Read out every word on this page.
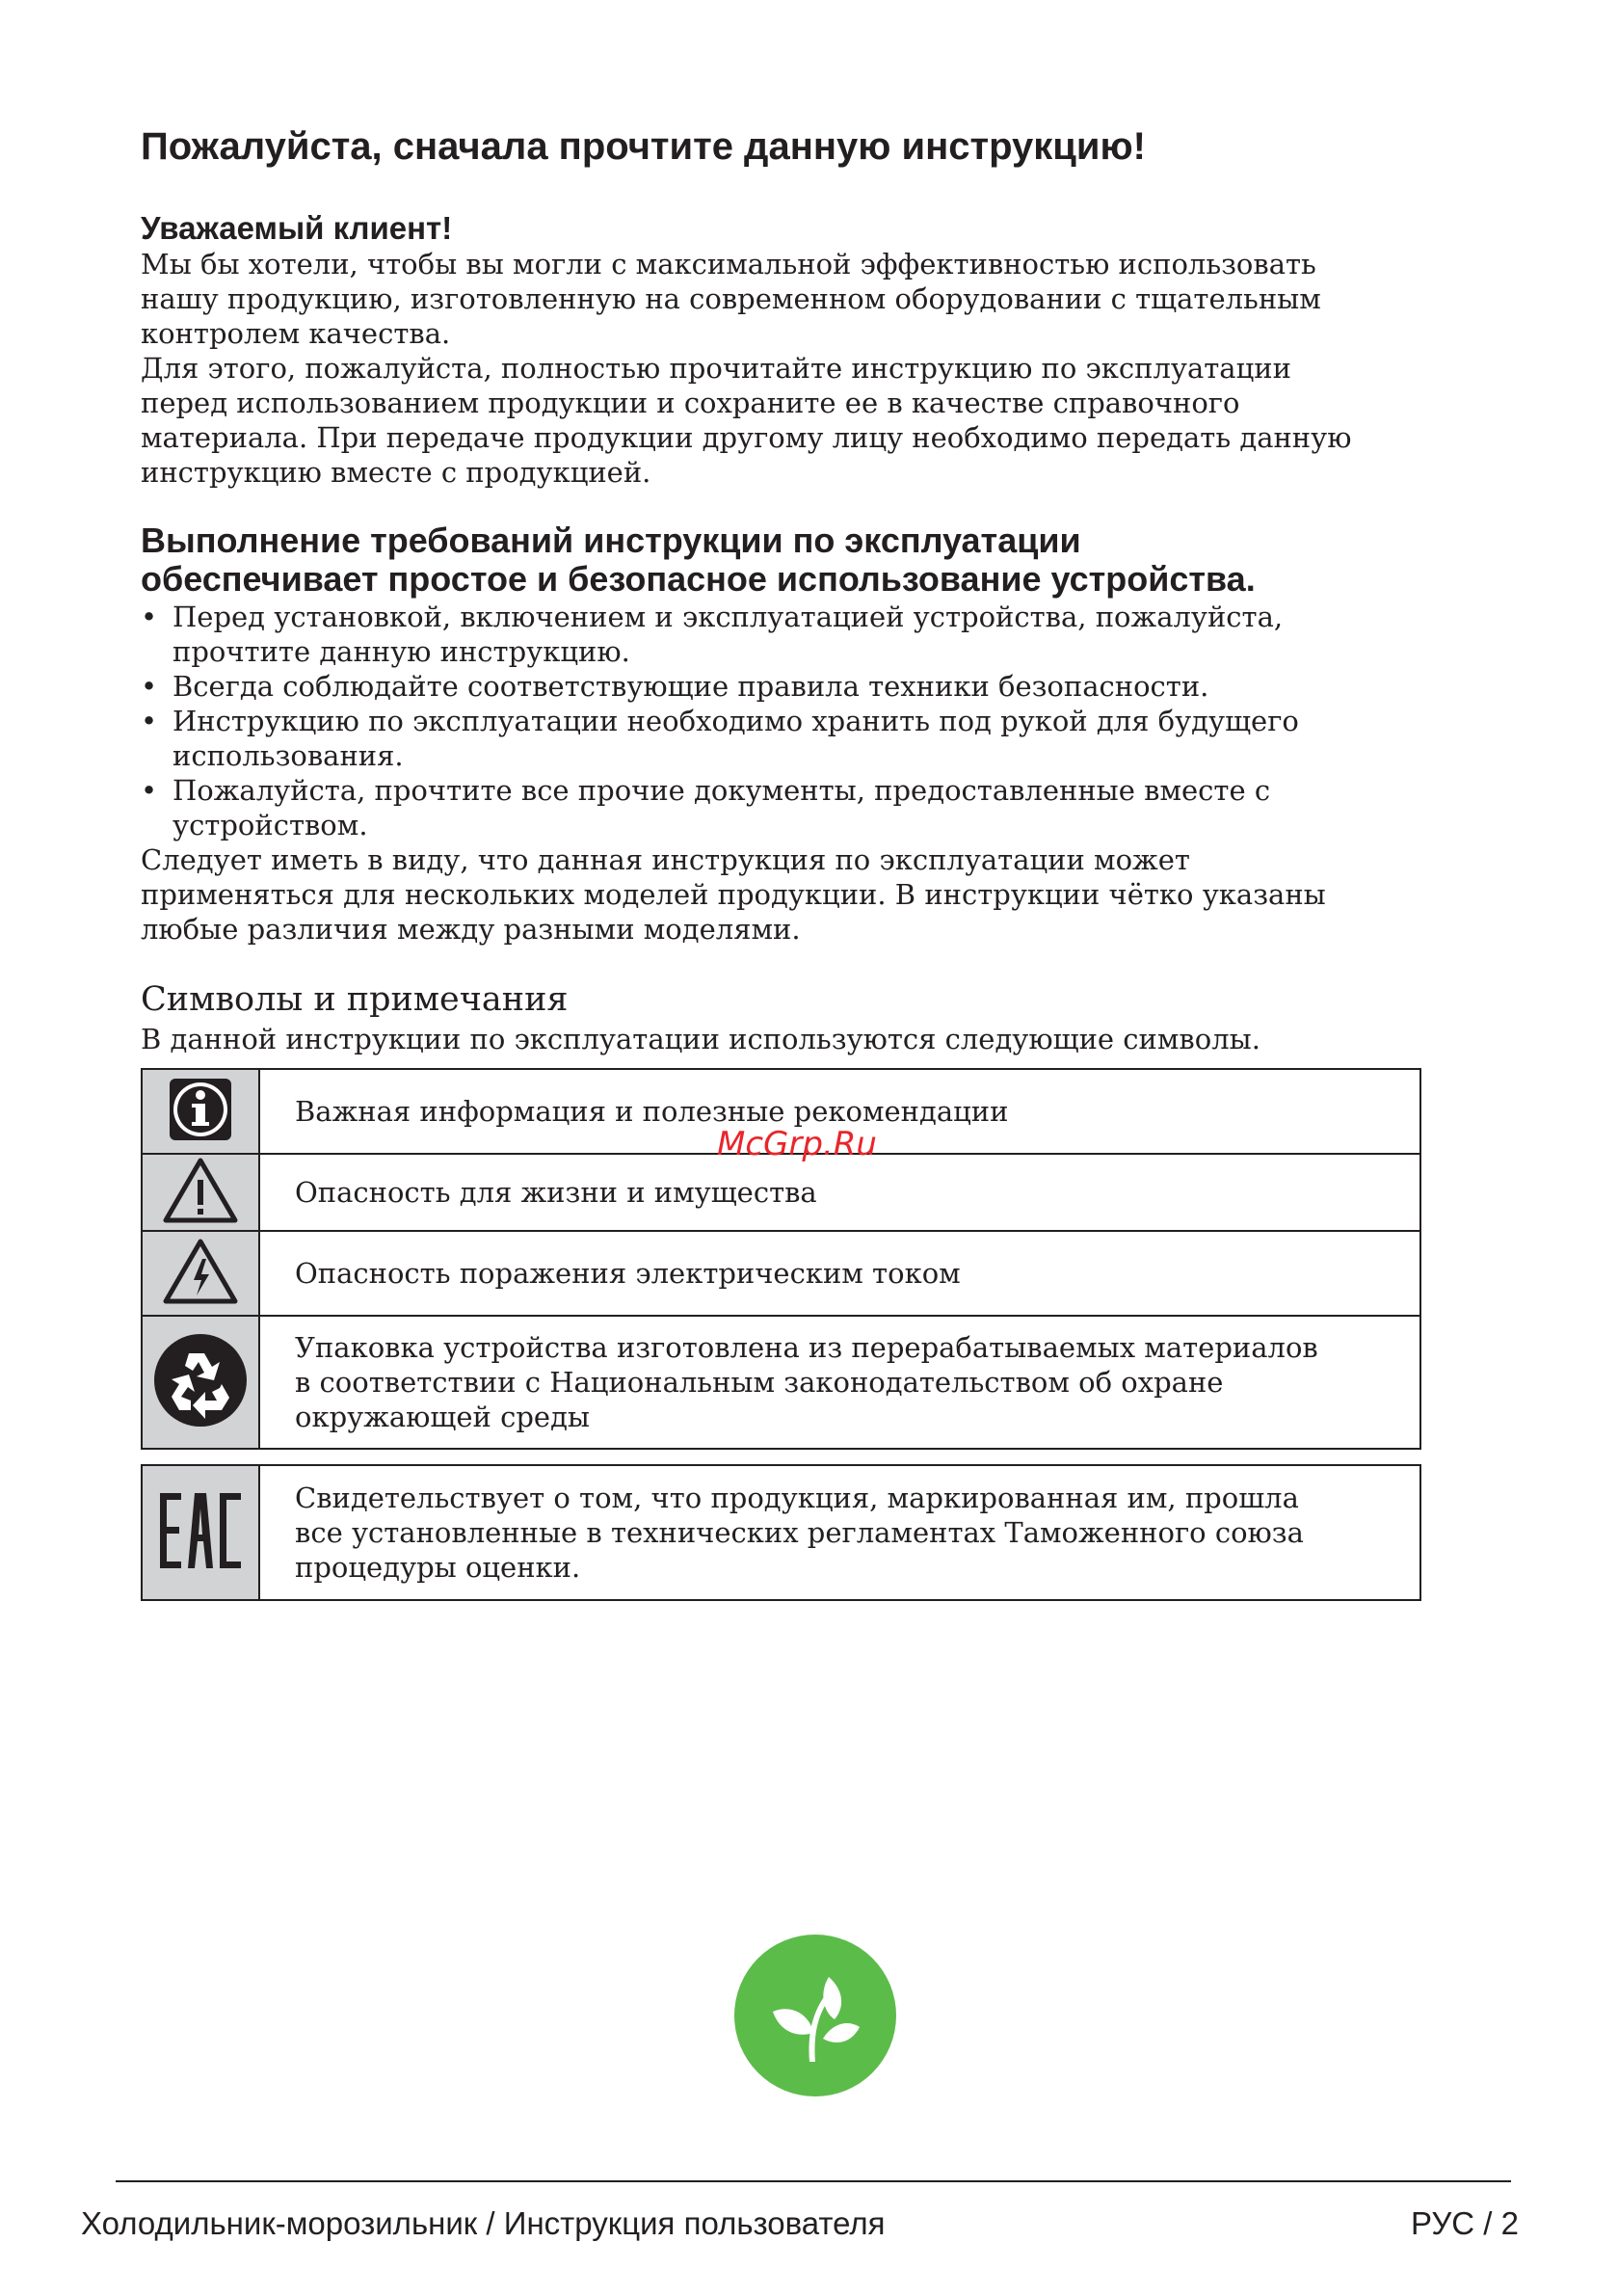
Пожалуйста, сначала прочтите данную инструкцию!
Уважаемый клиент!

Мы бы хотели, чтобы вы могли с максимальной эффективностью использовать
нашу продукцию, изготовленную на современном оборудовании с тщательным
контролем качества.
Для этого, пожалуйста, полностью прочитайте инструкцию по эксплуатации
перед использованием продукции и сохраните ее в качестве справочного
материала. При передаче продукции другому лицу необходимо передать данную
инструкцию вместе с продукцией.

Выполнение требований инструкции по эксплуатации
обеспечивает простое и безопасное использование устройства.
• Перед установкой, включением и эксплуатацией устройства, пожалуйста,
прочтите данную инструкцию.
• Всегда соблюдайте соответствующие правила техники безопасности.
• Инструкцию по эксплуатации необходимо хранить под рукой для будущего
использования.
• Пожалуйста, прочтите все прочие документы, предоставленные вместе с
устройством.

Следует иметь в виду, что данная инструкция по эксплуатации может
применяться для нескольких моделей продукции. В инструкции чётко указаны
любые различия между разными моделями.

Символы и примечания

В данной инструкции по эксплуатации используются следующие символы.

Важная информация и полезные рекомендации

Опасность для жизни и имущества

Опасность поражения электрическим током

Упаковка устройства изготовлена из перерабатываемых материалов
в соответствии с Национальным законодательством об охране
окружающей среды

Свидетельствует о том, что продукция, маркированная им, прошла
все установленные в технических регламентах Таможенного союза
процедуры оценки.
McGrp.Ru
Холодильник-морозильник / Инструкция пользователя	РУС / 2
